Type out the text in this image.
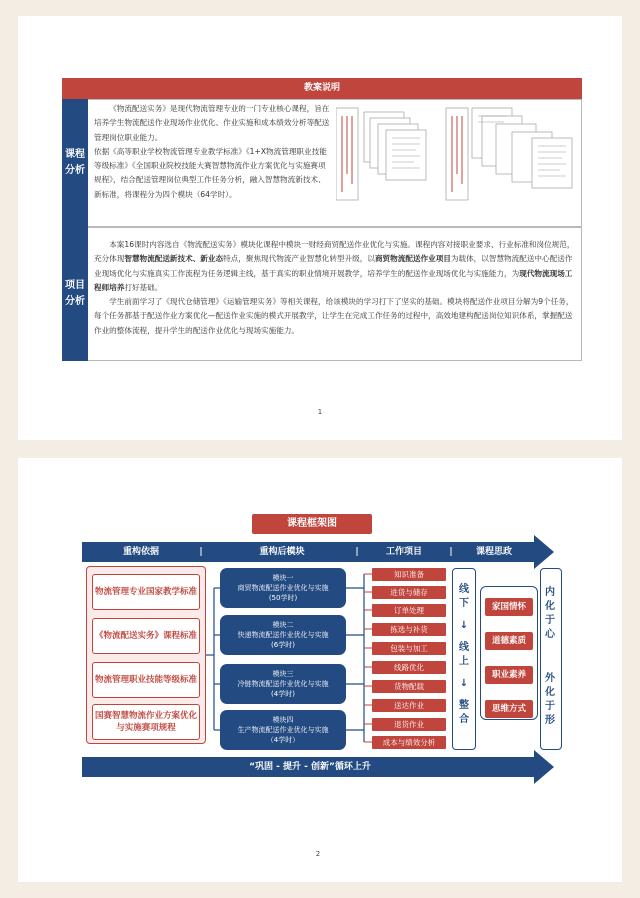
教案说明
课程分析
《物流配送实务》是现代物流管理专业的一门专业核心课程，旨在培养学生物流配送作业现场作业优化、作业实施和成本绩效分析等配送管理岗位职业能力。
依据《高等职业学校物流管理专业教学标准》《1+X物流管理职业技能等级标准》《全国职业院校技能大赛智慧物流作业方案优化与实施赛项规程》，结合配送管理岗位典型工作任务分析，融入智慧物流新技术、新标准，将课程分为四个模块（64学时）。
项目分析

本案16课时内容选自《物流配送实务》模块化课程中模块一财经商贸配送作业优化与实施。课程内容对接职业要求、行业标准和岗位规范，充分体现智慧物流配送新技术、新业态特点，聚焦现代物流产业智慧化转型升级，以商贸物流配送作业项目为载体，以智慧物流配送中心配送作业现场优化与实施真实工作流程为任务逻辑主线，基于真实的职业情境开展教学，培养学生的配送作业现场优化与实施能力，为现代物流现场工程师培养打好基础。

学生前面学习了《现代仓储管理》《运输管理实务》等相关课程，给该模块的学习打下了坚实的基础。模块将配送作业项目分解为9个任务，每个任务都基于配送作业方案优化—配送作业实施的模式开展教学，让学生在完成工作任务的过程中，高效地建构配送岗位知识体系，掌握配送作业的整体流程，提升学生的配送作业优化与现场实施能力。

1
课程框架图
重构依据	|	重构后模块	|	工作项目	|	课程思政
物流管理专业国家教学标准
《物流配送实务》课程标准
物流管理职业技能等级标准
国赛智慧物流作业方案优化与实施赛项规程
模块一
商贸物流配送作业优化与实施
(50学时)
模块二
快递物流配送作业优化与实施
(6学时)
模块三
冷链物流配送作业优化与实施
(4学时)
模块四
生产物流配送作业优化与实施
（4学时）
知识准备
进货与储存
订单处理
拣选与补货
包装与加工
线路优化
货物配载
送达作业
退货作业
成本与绩效分析
线下
↓
线上
↓
整合
家国情怀
道德素质
职业素养
思维方式
内化于心
外化于形
“巩固 - 提升 - 创新”循环上升
2
